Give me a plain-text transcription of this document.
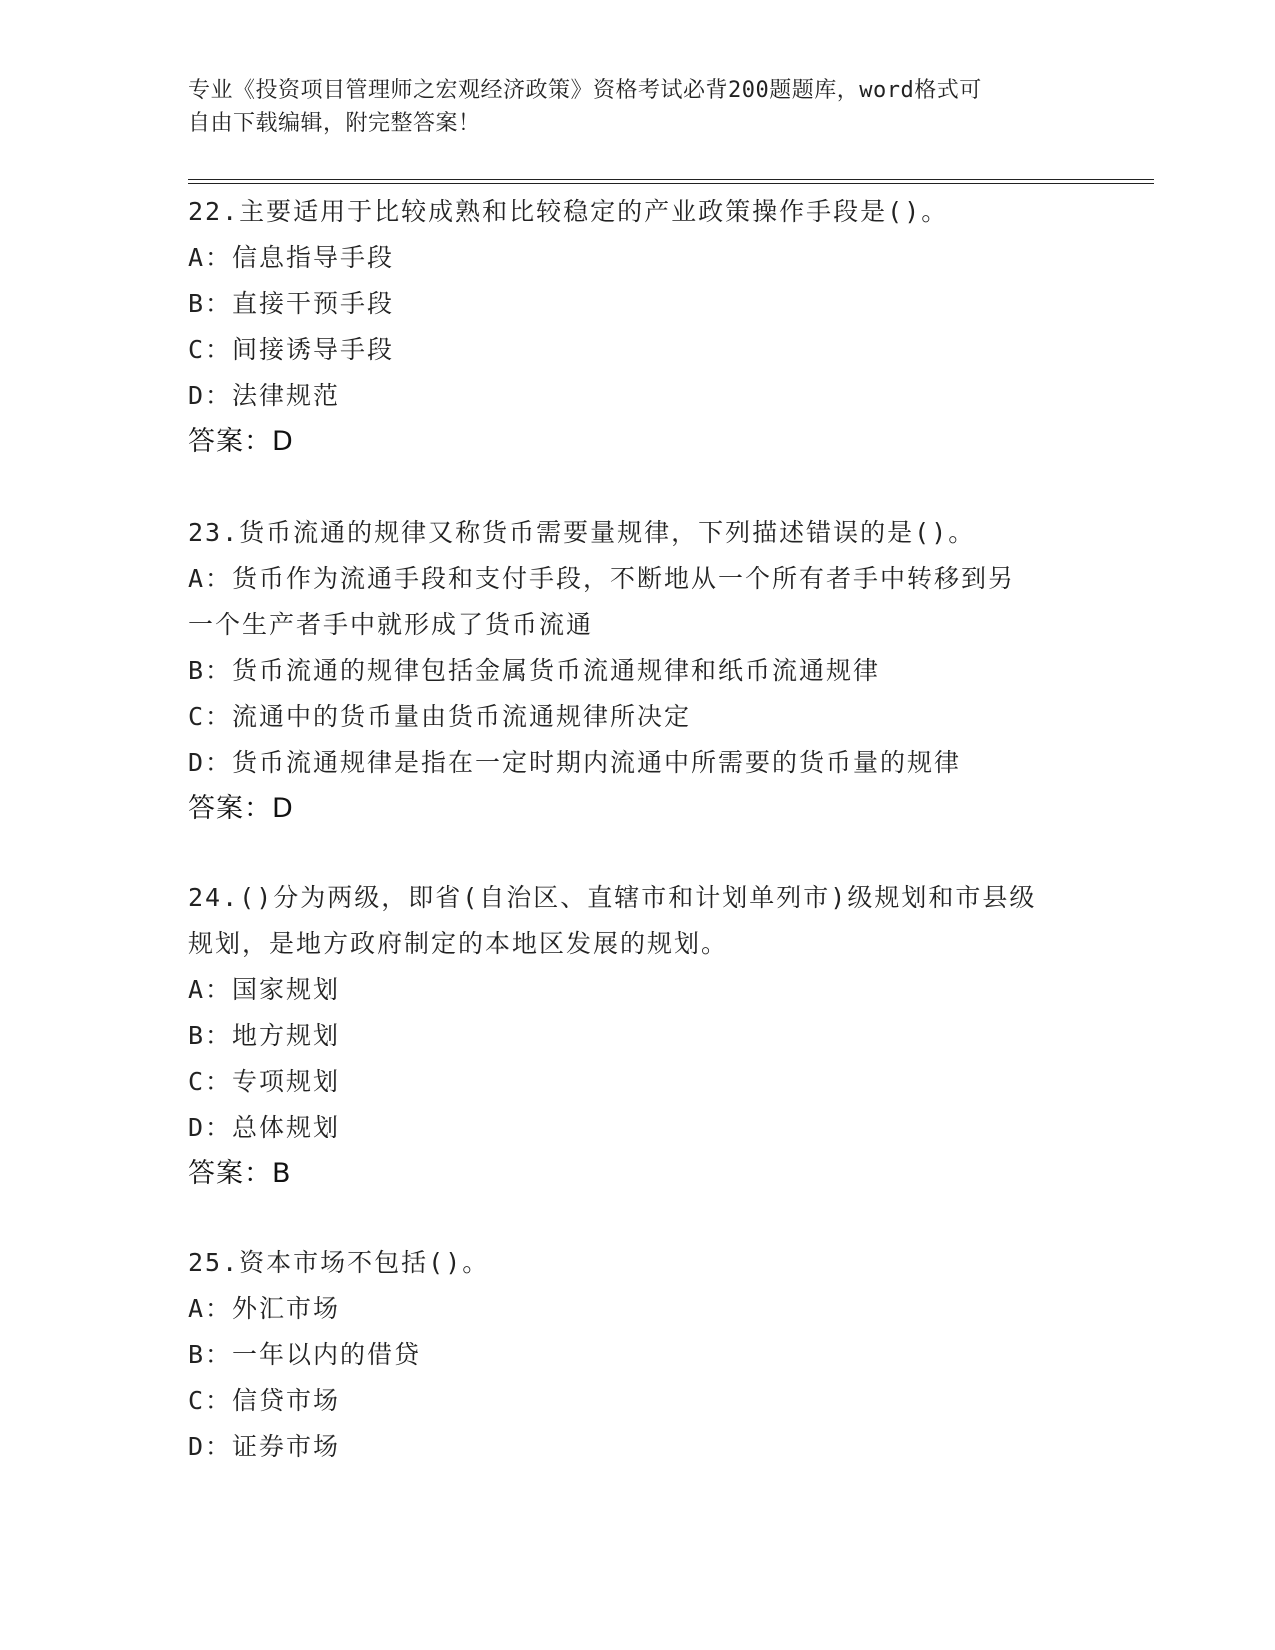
专业《投资项目管理师之宏观经济政策》资格考试必背200题题库，word格式可
自由下载编辑，附完整答案！
22.主要适用于比较成熟和比较稳定的产业政策操作手段是()。
A：信息指导手段
B：直接干预手段
C：间接诱导手段
D：法律规范
答案：D
23.货币流通的规律又称货币需要量规律，下列描述错误的是()。
A：货币作为流通手段和支付手段，不断地从一个所有者手中转移到另
一个生产者手中就形成了货币流通
B：货币流通的规律包括金属货币流通规律和纸币流通规律
C：流通中的货币量由货币流通规律所决定
D：货币流通规律是指在一定时期内流通中所需要的货币量的规律
答案：D
24.()分为两级，即省(自治区、直辖市和计划单列市)级规划和市县级
规划，是地方政府制定的本地区发展的规划。
A：国家规划
B：地方规划
C：专项规划
D：总体规划
答案：B
25.资本市场不包括()。
A：外汇市场
B：一年以内的借贷
C：信贷市场
D：证券市场
